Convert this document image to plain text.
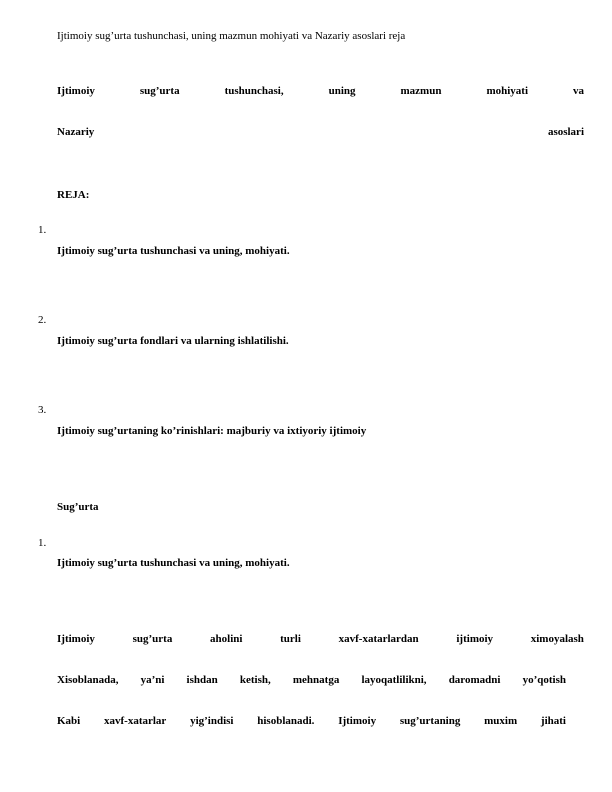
Ijtimoiy sug’urta tushunchasi, uning mazmun mohiyati va Nazariy asoslari reja
Ijtimoiy	sug’urta	tushunchasi,	uning	mazmun	mohiyati	va
Nazariy	asoslari
REJA:
1.
Ijtimoiy sug’urta tushunchasi va uning, mohiyati.
2.
Ijtimoiy sug’urta fondlari va ularning ishlatilishi.
3.
Ijtimoiy sug’urtaning ko’rinishlari: majburiy va ixtiyoriy ijtimoiy
Sug’urta
1.
Ijtimoiy sug’urta tushunchasi va uning, mohiyati.
Ijtimoiy	sug’urta	aholini	turli	xavf-xatarlardan	ijtimoiy	ximoyalash
Xisoblanada, ya’ni ishdan ketish, mehnatga layoqatlilikni, daromadni yo’qotish
Kabi xavf-xatarlar yig’indisi hisoblanadi. Ijtimoiy sug’urtaning muxim jihati
